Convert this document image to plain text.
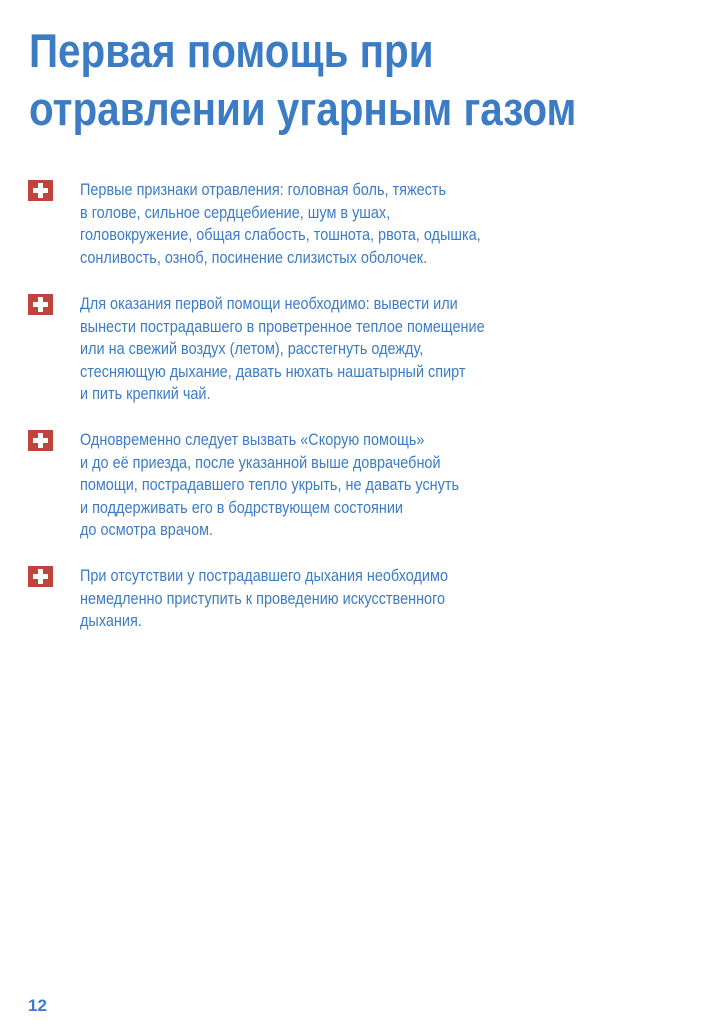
Первая помощь при
отравлении угарным газом
Первые признаки отравления: головная боль, тяжесть
в голове, сильное сердцебиение, шум в ушах,
головокружение, общая слабость, тошнота, рвота, одышка,
сонливость, озноб, посинение слизистых оболочек.
Для оказания первой помощи необходимо: вывести или
вынести пострадавшего в проветренное теплое помещение
или на свежий воздух (летом), расстегнуть одежду,
стесняющую дыхание, давать нюхать нашатырный спирт
и пить крепкий чай.
Одновременно следует вызвать «Скорую помощь»
и до её приезда, после указанной выше доврачебной
помощи, пострадавшего тепло укрыть, не давать уснуть
и поддерживать его в бодрствующем состоянии
до осмотра врачом.
При отсутствии у пострадавшего дыхания необходимо
немедленно приступить к проведению искусственного
дыхания.
12
